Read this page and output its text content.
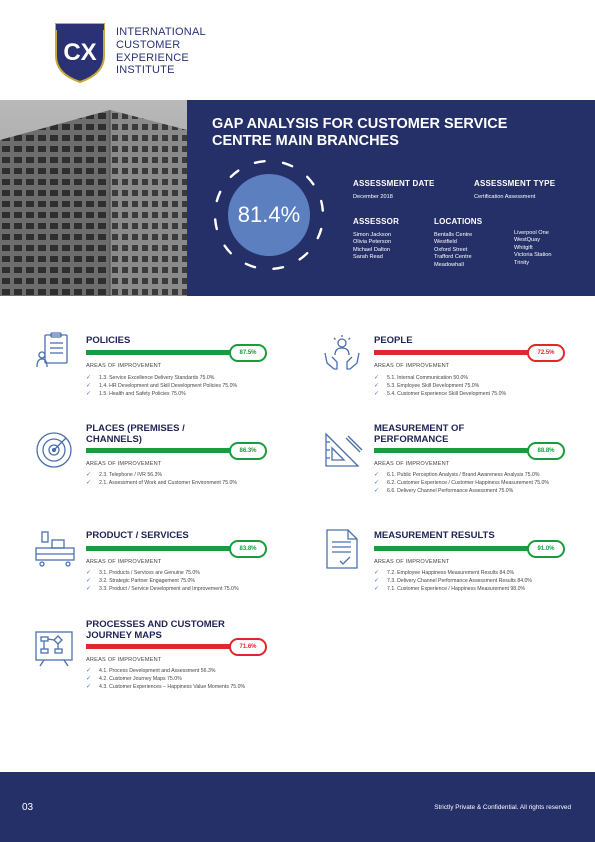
CX
INTERNATIONAL
CUSTOMER
EXPERIENCE
INSTITUTE
GAP ANALYSIS FOR CUSTOMER SERVICE
CENTRE MAIN BRANCHES
81.4%
ASSESSMENT DATE
December 2018
ASSESSMENT TYPE
Certification Assessment
ASSESSOR
Simon Jackson
Olivia Peterson
Michael Dalton
Sarah Read
LOCATIONS
Bentalls Centre
Westfield
Oxford Street
Trafford Centre
Meadowhall
Liverpool One
WestQuay
Whitgift
Victoria Station
Trinity
POLICIES
87.5%
AREAS OF IMPROVEMENT
✓	1.3. Service Excellence Delivery Standards 75.0%
✓	1.4. HR Development and Skill Development Policies 75.0%
✓	1.5. Health and Safety Policies 75.0%
PEOPLE
72.5%
AREAS OF IMPROVEMENT
✓	5.1. Internal Communication 50.0%
✓	5.3. Employee Skill Development 75.0%
✓	5.4. Customer Experience Skill Development 75.0%
PLACES (PREMISES /
CHANNELS)
86.3%
AREAS OF IMPROVEMENT
✓	2.3. Telephone / IVR 56.3%
✓	2.1. Assessment of Work and Customer Environment 75.0%
MEASUREMENT OF
PERFORMANCE
88.8%
AREAS OF IMPROVEMENT
✓	6.1. Public Perception Analysis / Brand Awareness Analysis 75.0%
✓	6.2. Customer Experience / Customer Happiness Measurement 75.0%
✓	6.6. Delivery Channel Performance Assessment 75.0%
PRODUCT / SERVICES
83.8%
AREAS OF IMPROVEMENT
✓	3.1. Products / Services are Genuine 75.0%
✓	3.2. Strategic Partner Engagement 75.0%
✓	3.3. Product / Service Development and Improvement 75.0%
MEASUREMENT RESULTS
91.0%
AREAS OF IMPROVEMENT
✓	7.2. Employee Happiness Measurement Results 84.0%
✓	7.3. Delivery Channel Performance Assessment Results 84.0%
✓	7.1. Customer Experience / Happiness Measurement 98.0%
PROCESSES AND CUSTOMER
JOURNEY MAPS
71.6%
AREAS OF IMPROVEMENT
✓	4.1. Process Development and Assessment 56.3%
✓	4.2. Customer Journey Maps 75.0%
✓	4.3. Customer Experiences – Happiness Value Moments 75.0%
03	Strictly Private & Confidential. All rights reserved
